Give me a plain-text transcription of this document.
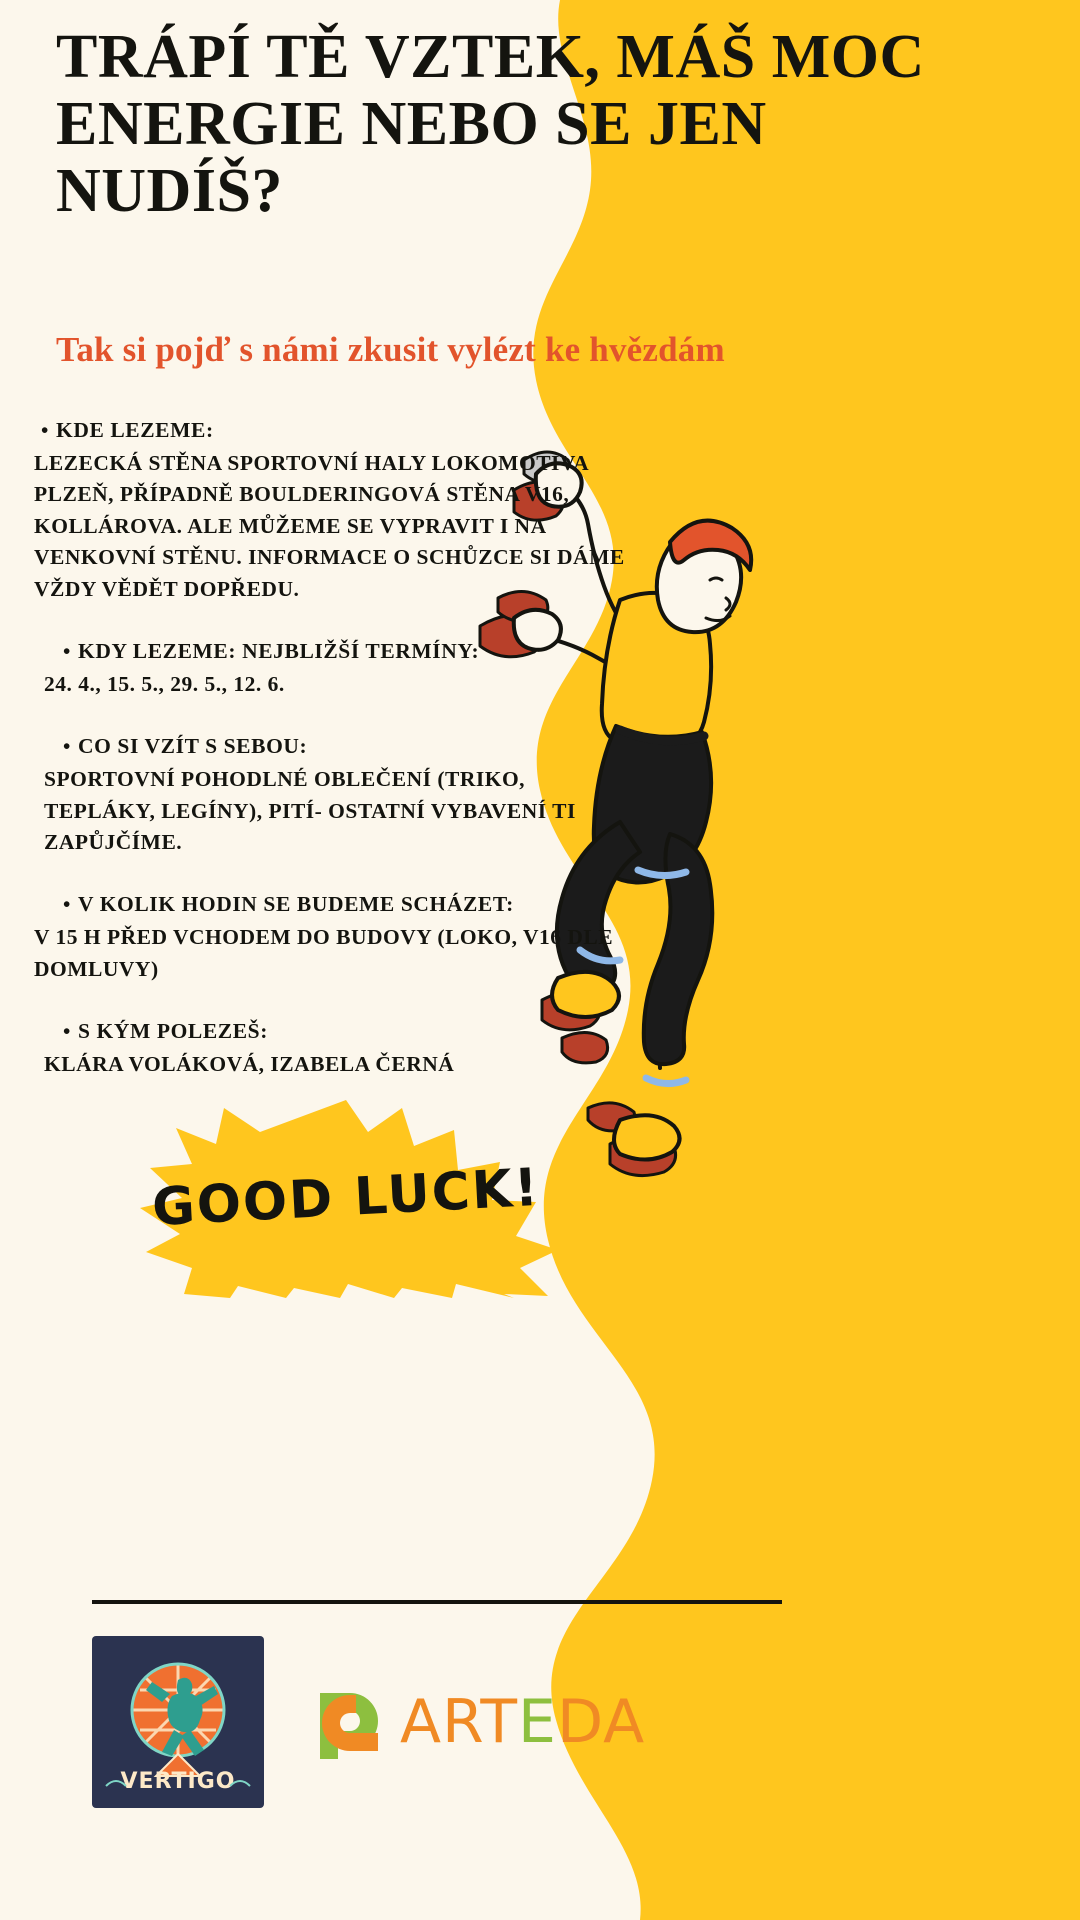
TRÁPÍ TĚ VZTEK, MÁŠ MOC ENERGIE NEBO SE JEN NUDÍŠ?
Tak si pojď s námi zkusit vylézt ke hvězdám
• KDE LEZEME:
LEZECKÁ STĚNA SPORTOVNÍ HALY LOKOMOTIVA PLZEŇ, PŘÍPADNĚ BOULDERINGOVÁ STĚNA V16, KOLLÁROVA. ALE MŮŽEME SE VYPRAVIT I NA VENKOVNÍ STĚNU. INFORMACE O SCHŮZCE SI DÁME VŽDY VĚDĚT DOPŘEDU.
• KDY LEZEME: NEJBLIŽŠÍ TERMÍNY:
24. 4., 15. 5., 29. 5., 12. 6.
• CO SI VZÍT S SEBOU:
SPORTOVNÍ POHODLNÉ OBLEČENÍ (TRIKO, TEPLÁKY, LEGÍNY), PITÍ- OSTATNÍ VYBAVENÍ TI ZAPŮJČÍME.
• V KOLIK HODIN SE BUDEME SCHÁZET:
V 15 H PŘED VCHODEM DO BUDOVY (LOKO, V16 DLE DOMLUVY)
• S KÝM POLEZEŠ:
KLÁRA VOLÁKOVÁ, IZABELA ČERNÁ
GOOD LUCK!
VERTIGO
ARTEDA
